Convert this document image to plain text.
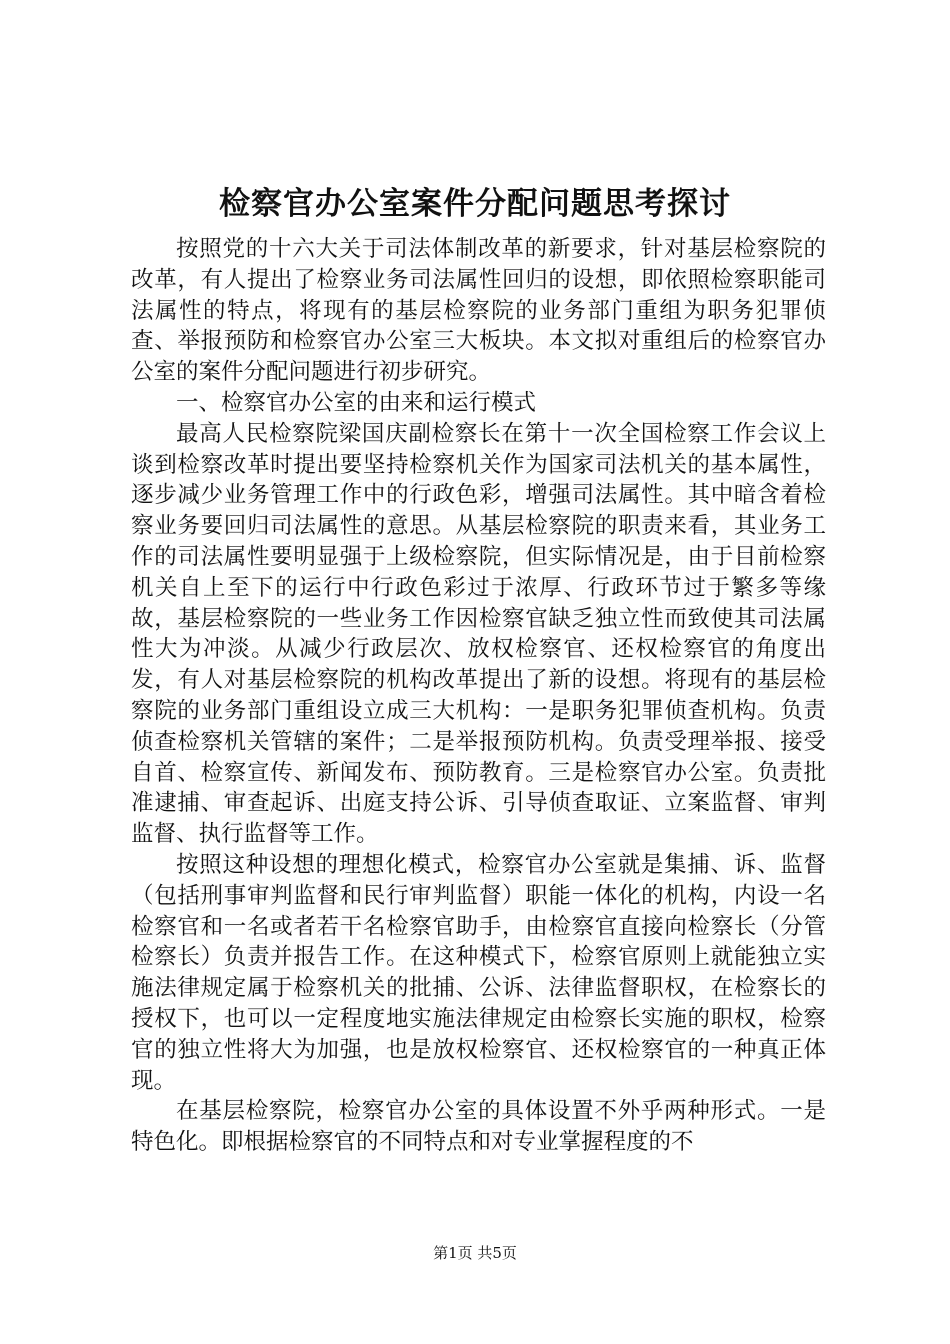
检察官办公室案件分配问题思考探讨

按照党的十六大关于司法体制改革的新要求，针对基层检察院的改革，有人提出了检察业务司法属性回归的设想，即依照检察职能司法属性的特点，将现有的基层检察院的业务部门重组为职务犯罪侦查、举报预防和检察官办公室三大板块。本文拟对重组后的检察官办公室的案件分配问题进行初步研究。

一、检察官办公室的由来和运行模式

最高人民检察院梁国庆副检察长在第十一次全国检察工作会议上谈到检察改革时提出要坚持检察机关作为国家司法机关的基本属性，逐步减少业务管理工作中的行政色彩，增强司法属性。其中暗含着检察业务要回归司法属性的意思。从基层检察院的职责来看，其业务工作的司法属性要明显强于上级检察院，但实际情况是，由于目前检察机关自上至下的运行中行政色彩过于浓厚、行政环节过于繁多等缘故，基层检察院的一些业务工作因检察官缺乏独立性而致使其司法属性大为冲淡。从减少行政层次、放权检察官、还权检察官的角度出发，有人对基层检察院的机构改革提出了新的设想。将现有的基层检察院的业务部门重组设立成三大机构：一是职务犯罪侦查机构。负责侦查检察机关管辖的案件；二是举报预防机构。负责受理举报、接受自首、检察宣传、新闻发布、预防教育。三是检察官办公室。负责批准逮捕、审查起诉、出庭支持公诉、引导侦查取证、立案监督、审判监督、执行监督等工作。

按照这种设想的理想化模式，检察官办公室就是集捕、诉、监督（包括刑事审判监督和民行审判监督）职能一体化的机构，内设一名检察官和一名或者若干名检察官助手，由检察官直接向检察长（分管检察长）负责并报告工作。在这种模式下，检察官原则上就能独立实施法律规定属于检察机关的批捕、公诉、法律监督职权，在检察长的授权下，也可以一定程度地实施法律规定由检察长实施的职权，检察官的独立性将大为加强，也是放权检察官、还权检察官的一种真正体现。

在基层检察院，检察官办公室的具体设置不外乎两种形式。一是特色化。即根据检察官的不同特点和对专业掌握程度的不

第1页 共5页
